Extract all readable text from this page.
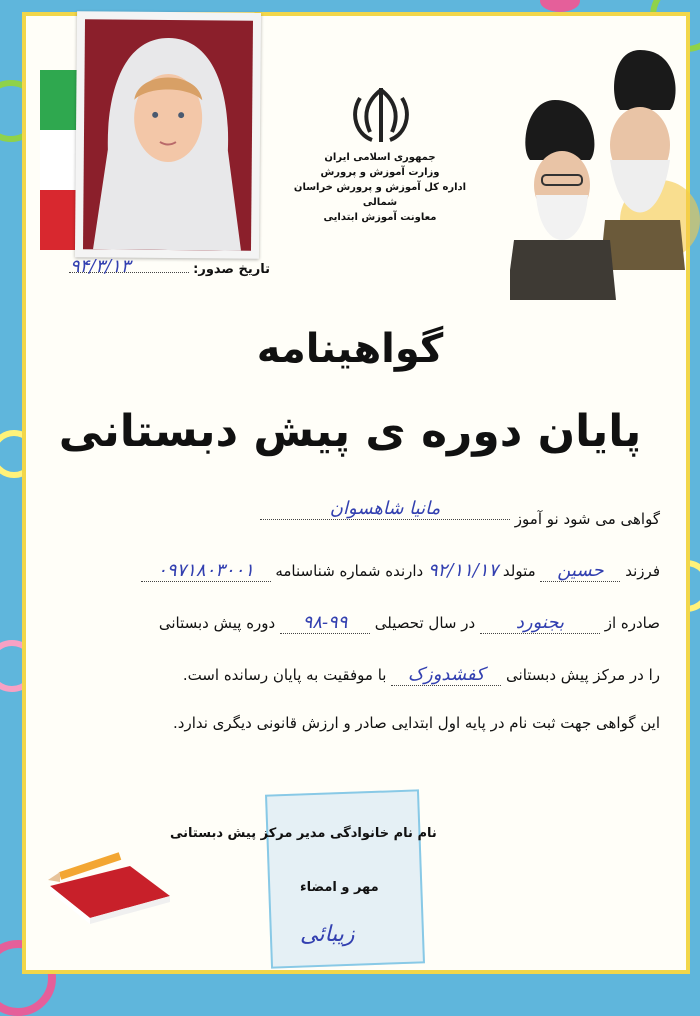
جمهوری اسلامی ایران
وزارت آموزش و پرورش
اداره کل آموزش و پرورش خراسان شمالی
معاونت آموزش ابتدایی
تاریخ صدور:
۹۴/۳/۱۳
گواهینامه
پایان دوره ی پیش دبستانی
گواهی می شود نو آموز مانیا شاهسوان
فرزند حسین متولد ۹۲/۱۱/۱۷ دارنده شماره شناسنامه ۰۹۷۱۸۰۳۰۰۱
صادره از بجنورد در سال تحصیلی ۹۸-۹۹ دوره پیش دبستانی
را در مرکز پیش دبستانی کفشدوزک با موفقیت به پایان رسانده است.
این گواهی جهت ثبت نام در پایه اول ابتدایی صادر و ارزش قانونی دیگری ندارد.
نام نام خانوادگی مدیر مرکز پیش دبستانی
مهر و امضاء
زیبائی
